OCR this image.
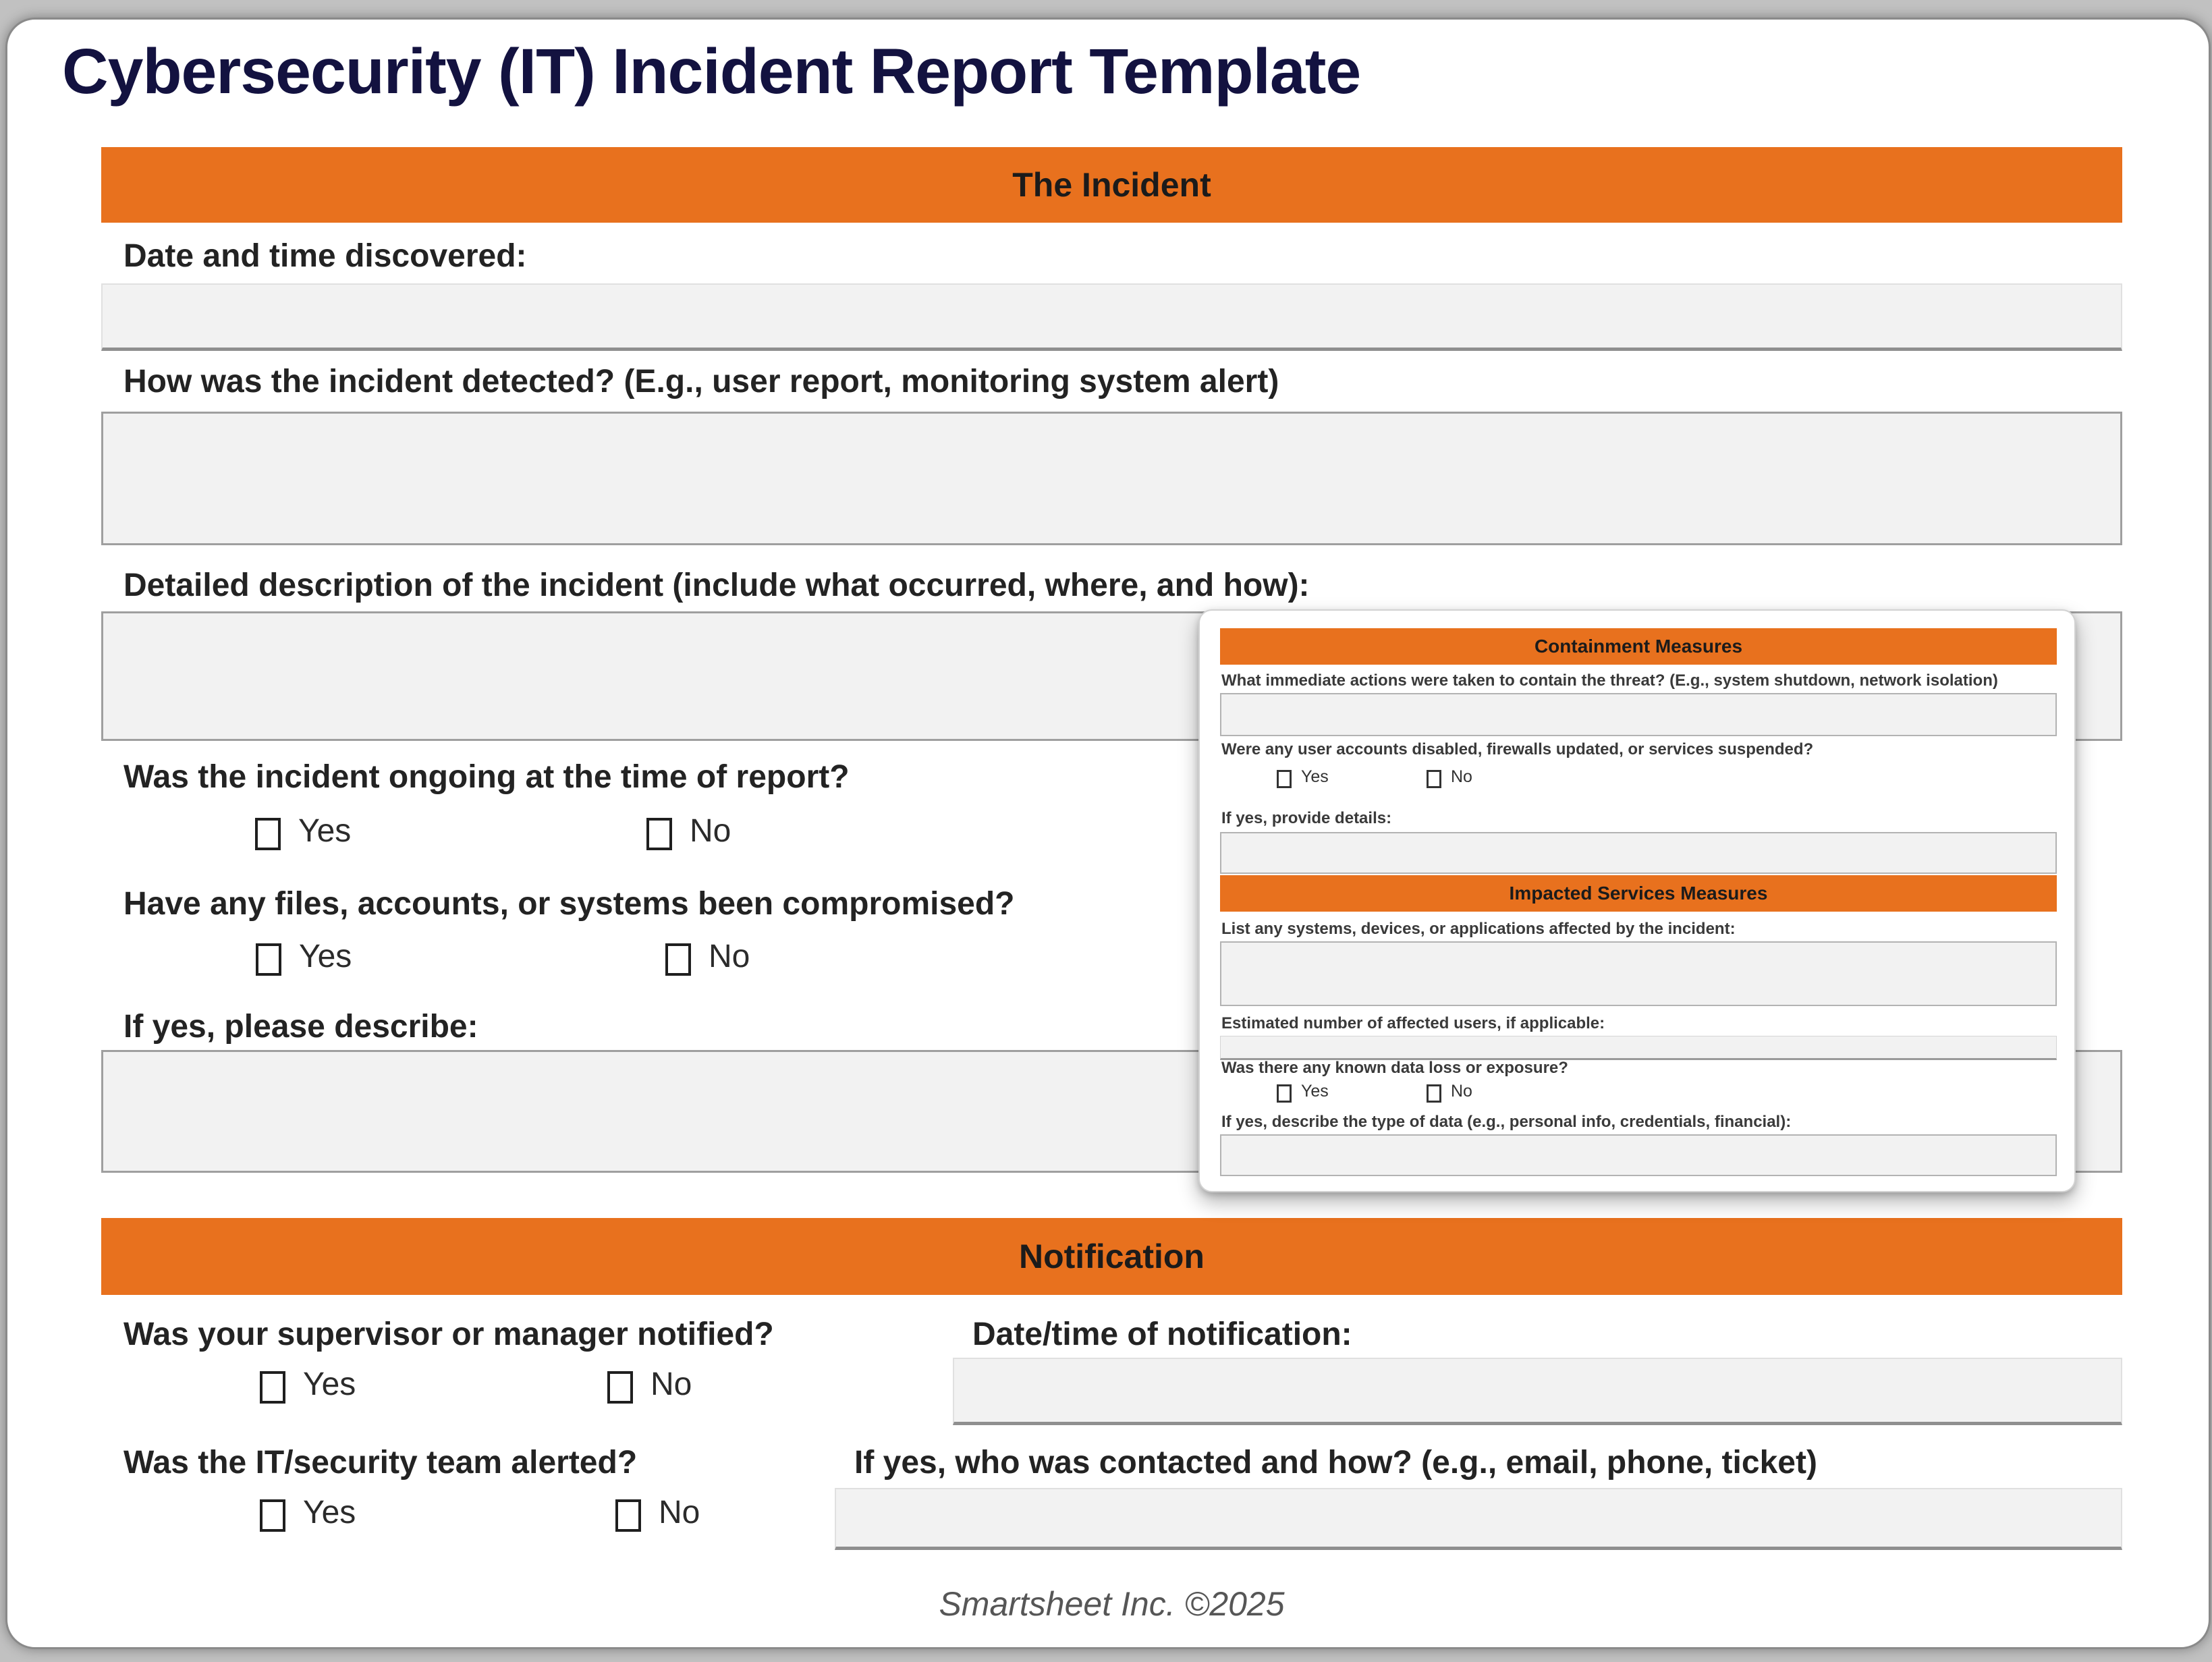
Cybersecurity (IT) Incident Report Template
The Incident
Date and time discovered:
How was the incident detected? (E.g., user report, monitoring system alert)
Detailed description of the incident (include what occurred, where, and how):
Was the incident ongoing at the time of report?
Yes	No
Have any files, accounts, or systems been compromised?
Yes	No
If yes, please describe:
Containment Measures
What immediate actions were taken to contain the threat? (E.g., system shutdown, network isolation)
Were any user accounts disabled, firewalls updated, or services suspended?
Yes	No
If yes, provide details:
Impacted Services Measures
List any systems, devices, or applications affected by the incident:
Estimated number of affected users, if applicable:
Was there any known data loss or exposure?
Yes	No
If yes, describe the type of data (e.g., personal info, credentials, financial):
Notification
Was your supervisor or manager notified?
Yes	No
Date/time of notification:
Was the IT/security team alerted?
Yes	No
If yes, who was contacted and how? (e.g., email, phone, ticket)
Smartsheet Inc. ©2025
